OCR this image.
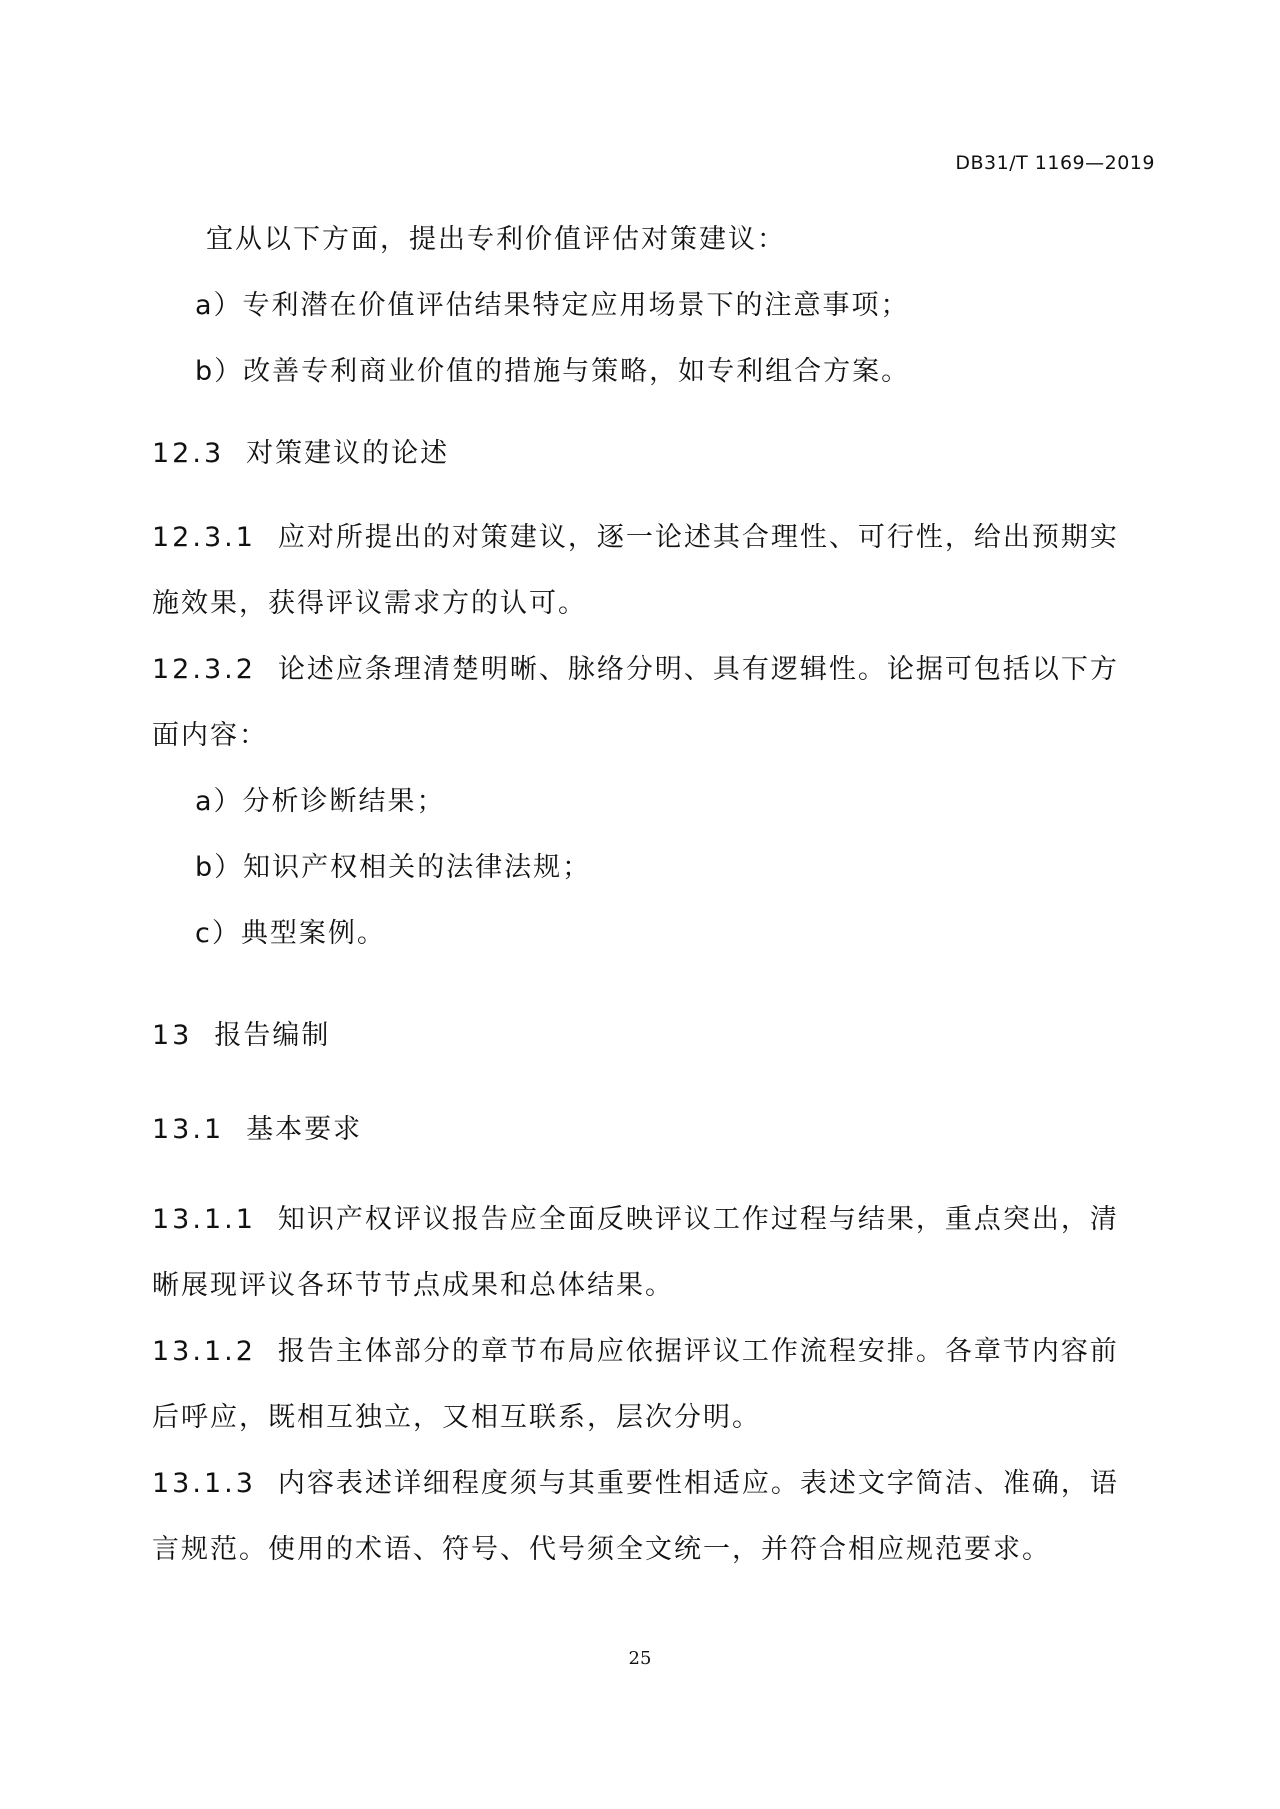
DB31/T 1169—2019
宜从以下方面，提出专利价值评估对策建议：
a）专利潜在价值评估结果特定应用场景下的注意事项；
b）改善专利商业价值的措施与策略，如专利组合方案。
12.3 对策建议的论述
12.3.1 应对所提出的对策建议，逐一论述其合理性、可行性，给出预期实
施效果，获得评议需求方的认可。
12.3.2 论述应条理清楚明晰、脉络分明、具有逻辑性。论据可包括以下方
面内容：
a）分析诊断结果；
b）知识产权相关的法律法规；
c）典型案例。
13 报告编制
13.1 基本要求
13.1.1 知识产权评议报告应全面反映评议工作过程与结果，重点突出，清
晰展现评议各环节节点成果和总体结果。
13.1.2 报告主体部分的章节布局应依据评议工作流程安排。各章节内容前
后呼应，既相互独立，又相互联系，层次分明。
13.1.3 内容表述详细程度须与其重要性相适应。表述文字简洁、准确，语
言规范。使用的术语、符号、代号须全文统一，并符合相应规范要求。
25
